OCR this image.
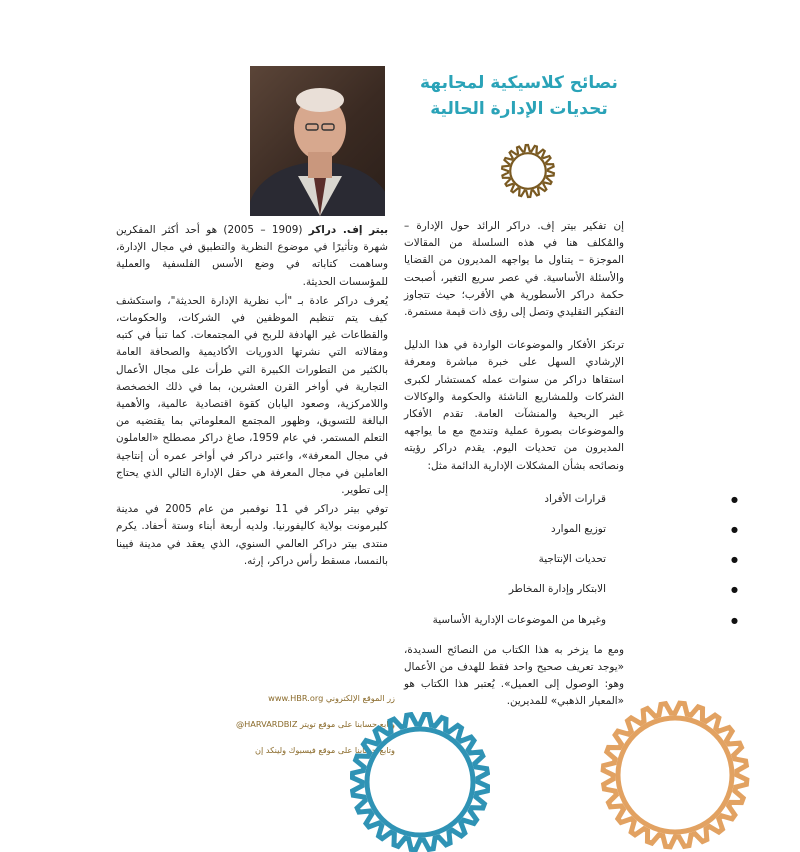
نصائح كلاسيكية لمجابهة

تحديات الإدارة الحالية

إن تفكير بيتر إف. دراكر الرائد حول الإدارة – والمُكلف هنا في هذه السلسلة من المقالات الموجزة – يتناول ما يواجهه المديرون من القضايا والأسئلة الأساسية. في عصر سريع التغير، أصبحت حكمة دراكر الأسطورية هي الأقرب؛ حيث تتجاوز التفكير التقليدي وتصل إلى رؤى ذات قيمة مستمرة.

ترتكز الأفكار والموضوعات الواردة في هذا الدليل الإرشادي السهل على خبرة مباشرة ومعرفة استقاها دراكر من سنوات عمله كمستشار لكبرى الشركات وللمشاريع الناشئة والحكومة والوكالات غير الربحية والمنشآت العامة. تقدم الأفكار والموضوعات بصورة عملية وتندمج مع ما يواجهه المديرون من تحديات اليوم. يقدم دراكر رؤيته ونصائحه بشأن المشكلات الإدارية الدائمة مثل:

● قرارات الأفراد
● توزيع الموارد
● تحديات الإنتاجية
● الابتكار وإدارة المخاطر
● وغيرها من الموضوعات الإدارية الأساسية

ومع ما يزخر به هذا الكتاب من النصائح السديدة، «يوجد تعريف صحيح واحد فقط للهدف من الأعمال وهو: الوصول إلى العميل». يُعتبر هذا الكتاب هو «المعيار الذهبي» للمديرين.

بيتر إف. دراكر (1909 – 2005) هو أحد أكثر المفكرين شهرة وتأثيرًا في موضوع النظرية والتطبيق في مجال الإدارة، وساهمت كتاباته في وضع الأسس الفلسفية والعملية للمؤسسات الحديثة.

يُعرف دراكر عادة بـ "أب نظرية الإدارة الحديثة"، واستكشف كيف يتم تنظيم الموظفين في الشركات، والحكومات، والقطاعات غير الهادفة للربح في المجتمعات. كما تنبأ في كتبه ومقالاته التي نشرتها الدوريات الأكاديمية والصحافة العامة بالكثير من التطورات الكبيرة التي طرأت على مجال الأعمال التجارية في أواخر القرن العشرين، بما في ذلك الخصخصة واللامركزية، وصعود اليابان كقوة اقتصادية عالمية، والأهمية البالغة للتسويق، وظهور المجتمع المعلوماتي بما يقتضيه من التعلم المستمر. في عام 1959، صاغ دراكر مصطلح «العاملون في مجال المعرفة»، واعتبر دراكر في أواخر عمره أن إنتاجية العاملين في مجال المعرفة هي حقل الإدارة التالي الذي يحتاج إلى تطوير.

توفي بيتر دراكر في 11 نوفمبر من عام 2005 في مدينة كليرمونت بولاية كاليفورنيا. ولديه أربعة أبناء وستة أحفاد. يكرم منتدى بيتر دراكر العالمي السنوي، الذي يعقد في مدينة فيينا بالنمسا، مسقط رأس دراكر، إرثه.

زر الموقع الإلكتروني www.HBR.org
وتابع حسابنا على موقع تويتر HARVARDBIZ@
وتابع حسابنا على موقع فيسبوك ولينكد إن
